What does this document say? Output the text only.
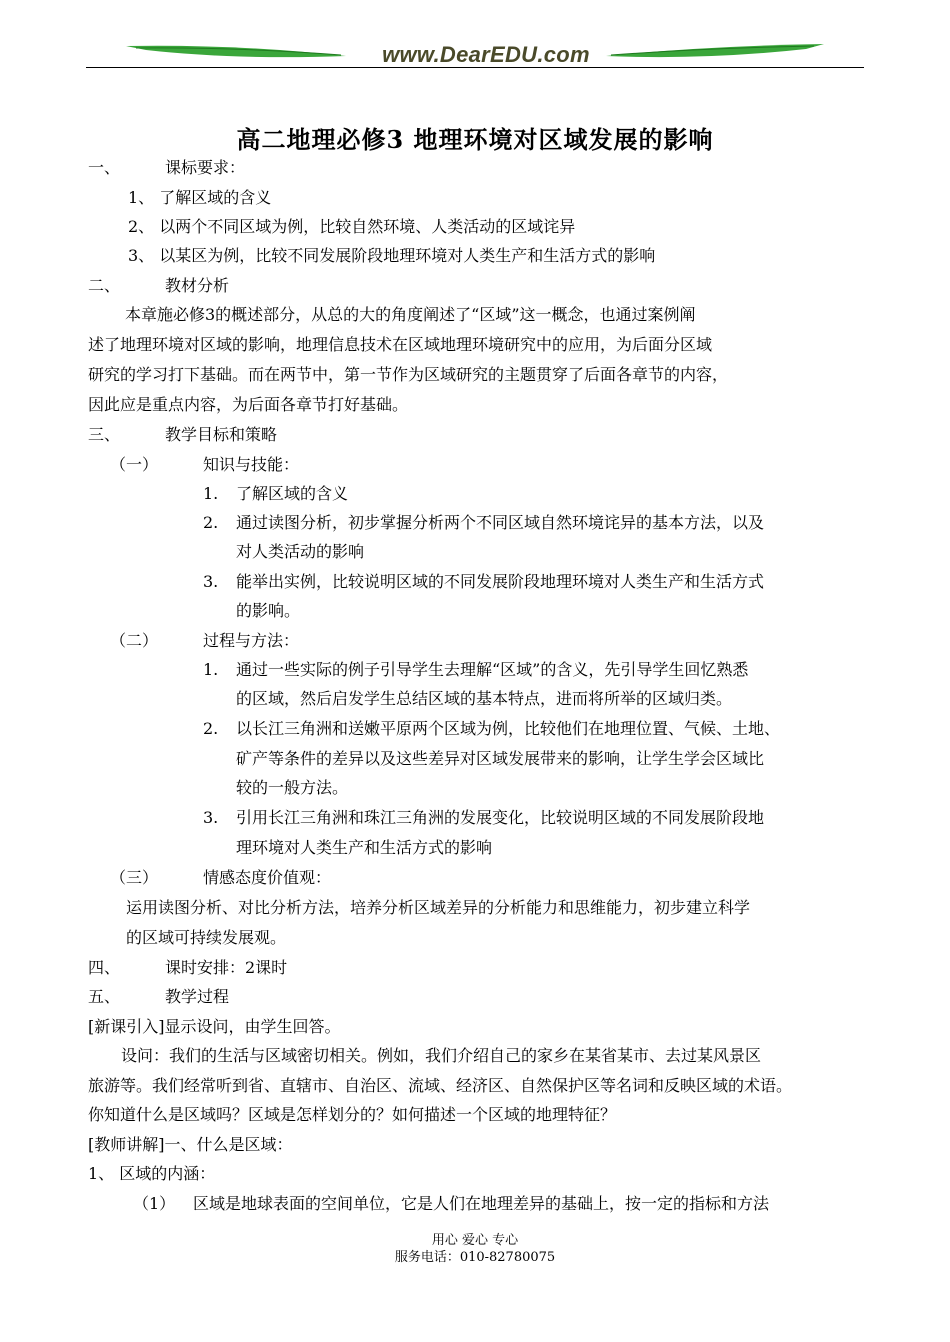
www.DearEDU.com
高二地理必修3 地理环境对区域发展的影响
一、	课标要求：
1、 了解区域的含义
2、 以两个不同区域为例，比较自然环境、人类活动的区域诧异
3、 以某区为例，比较不同发展阶段地理环境对人类生产和生活方式的影响
二、	教材分析
本章施必修3的概述部分，从总的大的角度阐述了“区域”这一概念，也通过案例阐
述了地理环境对区域的影响，地理信息技术在区域地理环境研究中的应用，为后面分区域
研究的学习打下基础。而在两节中，第一节作为区域研究的主题贯穿了后面各章节的内容，
因此应是重点内容，为后面各章节打好基础。
三、	教学目标和策略
（一）	知识与技能：
1. 了解区域的含义
2. 通过读图分析，初步掌握分析两个不同区域自然环境诧异的基本方法，以及
对人类活动的影响
3. 能举出实例，比较说明区域的不同发展阶段地理环境对人类生产和生活方式
的影响。
（二）	过程与方法：
1. 通过一些实际的例子引导学生去理解“区域”的含义，先引导学生回忆熟悉
的区域，然后启发学生总结区域的基本特点，进而将所举的区域归类。
2. 以长江三角洲和送嫩平原两个区域为例，比较他们在地理位置、气候、土地、
矿产等条件的差异以及这些差异对区域发展带来的影响，让学生学会区域比
较的一般方法。
3. 引用长江三角洲和珠江三角洲的发展变化，比较说明区域的不同发展阶段地
理环境对人类生产和生活方式的影响
（三）	情感态度价值观：
运用读图分析、对比分析方法，培养分析区域差异的分析能力和思维能力，初步建立科学
的区域可持续发展观。
四、	课时安排：2课时
五、	教学过程
[新课引入]显示设问，由学生回答。
设问：我们的生活与区域密切相关。例如，我们介绍自己的家乡在某省某市、去过某风景区
旅游等。我们经常听到省、直辖市、自治区、流域、经济区、自然保护区等名词和反映区域的术语。
你知道什么是区域吗？区域是怎样划分的？如何描述一个区域的地理特征？
[教师讲解]一、什么是区域：
1、 区域的内涵：
（1） 区域是地球表面的空间单位，它是人们在地理差异的基础上，按一定的指标和方法
用心 爱心 专心
服务电话：010-82780075
